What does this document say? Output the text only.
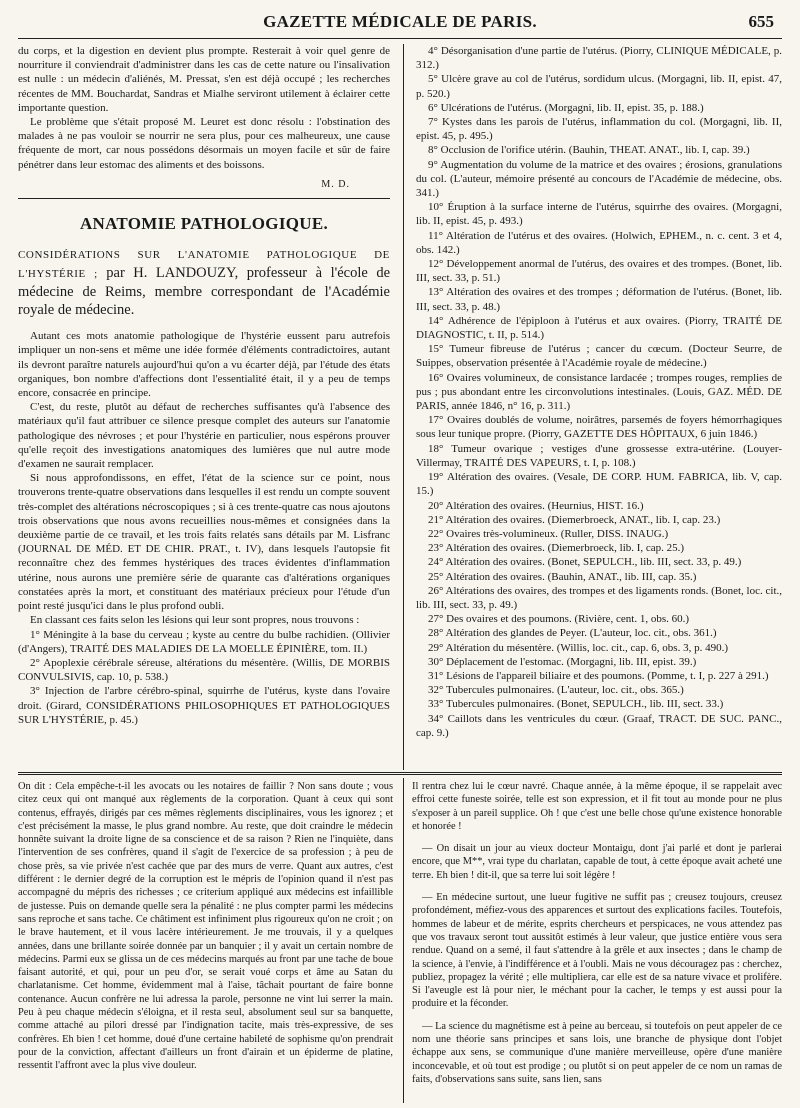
GAZETTE MÉDICALE DE PARIS.	655

du corps, et la digestion en devient plus prompte. Resterait à voir quel genre de nourriture il conviendrait d'administrer dans les cas de cette nature ou l'insalivation est nulle : un médecin d'aliénés, M. Pressat, s'en est déjà occupé ; les recherches récentes de MM. Bouchardat, Sandras et Mialhe serviront utilement à éclairer cette importante question.

Le problème que s'était proposé M. Leuret est donc résolu : l'obstination des malades à ne pas vouloir se nourrir ne sera plus, pour ces malheureux, une cause fréquente de mort, car nous possédons désormais un moyen facile et sûr de faire pénétrer dans leur estomac des aliments et des boissons.

M. D.
ANATOMIE PATHOLOGIQUE.
CONSIDÉRATIONS SUR L'ANATOMIE PATHOLOGIQUE DE L'HYSTÉRIE ; par H. LANDOUZY, professeur à l'école de médecine de Reims, membre correspondant de l'Académie royale de médecine.

Autant ces mots anatomie pathologique de l'hystérie eussent paru autrefois impliquer un non-sens et même une idée formée d'éléments contradictoires, autant ils devront paraître naturels aujourd'hui qu'on a vu écarter déjà, par l'étude des états organiques, bon nombre d'affections dont l'essentialité était, il y a peu de temps encore, consacrée en principe.

C'est, du reste, plutôt au défaut de recherches suffisantes qu'à l'absence des matériaux qu'il faut attribuer ce silence presque complet des auteurs sur l'anatomie pathologique des névroses ; et pour l'hystérie en particulier, nous espérons prouver qu'elle reçoit des investigations anatomiques des lumières que nul autre mode d'examen ne saurait remplacer.

Si nous approfondissons, en effet, l'état de la science sur ce point, nous trouverons trente-quatre observations dans lesquelles il est rendu un compte souvent très-complet des altérations nécroscopiques ; si à ces trente-quatre cas nous ajoutons trois observations que nous avons recueillies nous-mêmes et consignées dans la deuxième partie de ce travail, et les trois faits relatés sans détails par M. Lisfranc (JOURNAL DE MÉD. ET DE CHIR. PRAT., t. IV), dans lesquels l'autopsie fit reconnaître chez des femmes hystériques des traces évidentes d'inflammation utérine, nous aurons une première série de quarante cas d'altérations organiques constatées après la mort, et constituant des matériaux précieux pour l'étude d'un point resté jusqu'ici dans le plus profond oubli.

En classant ces faits selon les lésions qui leur sont propres, nous trouvons :

1° Méningite à la base du cerveau ; kyste au centre du bulbe rachidien. (Ollivier (d'Angers), TRAITÉ DES MALADIES DE LA MOELLE ÉPINIÈRE, tom. II.)
2° Apoplexie cérébrale séreuse, altérations du mésentère. (Willis, DE MORBIS CONVULSIVIS, cap. 10, p. 538.)
3° Injection de l'arbre cérébro-spinal, squirrhe de l'utérus, kyste dans l'ovaire droit. (Girard, CONSIDÉRATIONS PHILOSOPHIQUES ET PATHOLOGIQUES SUR L'HYSTÉRIE, p. 45.)
4° Désorganisation d'une partie de l'utérus. (Piorry, CLINIQUE MÉDICALE, p. 312.)
5° Ulcère grave au col de l'utérus, sordidum ulcus. (Morgagni, lib. II, epist. 47, p. 520.)
6° Ulcérations de l'utérus. (Morgagni, lib. II, epist. 35, p. 188.)
7° Kystes dans les parois de l'utérus, inflammation du col. (Morgagni, lib. II, epist. 45, p. 495.)
8° Occlusion de l'orifice utérin. (Bauhin, THEAT. ANAT., lib. I, cap. 39.)
9° Augmentation du volume de la matrice et des ovaires ; érosions, granulations du col. (L'auteur, mémoire présenté au concours de l'Académie de médecine, obs. 341.)
10° Éruption à la surface interne de l'utérus, squirrhe des ovaires. (Morgagni, lib. II, epist. 45, p. 493.)
11° Altération de l'utérus et des ovaires. (Holwich, EPHEM., n. c. cent. 3 et 4, obs. 142.)
12° Développement anormal de l'utérus, des ovaires et des trompes. (Bonet, lib. III, sect. 33, p. 51.)
13° Altération des ovaires et des trompes ; déformation de l'utérus. (Bonet, lib. III, sect. 33, p. 48.)
14° Adhérence de l'épiploon à l'utérus et aux ovaires. (Piorry, TRAITÉ DE DIAGNOSTIC, t. II, p. 514.)
15° Tumeur fibreuse de l'utérus ; cancer du cœcum. (Docteur Seurre, de Suippes, observation présentée à l'Académie royale de médecine.)
16° Ovaires volumineux, de consistance lardacée ; trompes rouges, remplies de pus ; pus abondant entre les circonvolutions intestinales. (Louis, GAZ. MÉD. DE PARIS, année 1846, n° 16, p. 311.)
17° Ovaires doublés de volume, noirâtres, parsemés de foyers hémorrhagiques sous leur tunique propre. (Piorry, GAZETTE DES HÔPITAUX, 6 juin 1846.)
18° Tumeur ovarique ; vestiges d'une grossesse extra-utérine. (Louyer-Villermay, TRAITÉ DES VAPEURS, t. I, p. 108.)
19° Altération des ovaires. (Vesale, DE CORP. HUM. FABRICA, lib. V, cap. 15.)
20° Altération des ovaires. (Heurnius, HIST. 16.)
21° Altération des ovaires. (Diemerbroeck, ANAT., lib. I, cap. 23.)
22° Ovaires très-volumineux. (Ruller, DISS. INAUG.)
23° Altération des ovaires. (Diemerbroeck, lib. I, cap. 25.)
24° Altération des ovaires. (Bonet, SEPULCH., lib. III, sect. 33, p. 49.)
25° Altération des ovaires. (Bauhin, ANAT., lib. III, cap. 35.)
26° Altérations des ovaires, des trompes et des ligaments ronds. (Bonet, loc. cit., lib. III, sect. 33, p. 49.)
27° Des ovaires et des poumons. (Rivière, cent. 1, obs. 60.)
28° Altération des glandes de Peyer. (L'auteur, loc. cit., obs. 361.)
29° Altération du mésentère. (Willis, loc. cit., cap. 6, obs. 3, p. 490.)
30° Déplacement de l'estomac. (Morgagni, lib. III, epist. 39.)
31° Lésions de l'appareil biliaire et des poumons. (Pomme, t. I, p. 227 à 291.)
32° Tubercules pulmonaires. (L'auteur, loc. cit., obs. 365.)
33° Tubercules pulmonaires. (Bonet, SEPULCH., lib. III, sect. 33.)
34° Caillots dans les ventricules du cœur. (Graaf, TRACT. DE SUC. PANC., cap. 9.)

On dit : Cela empêche-t-il les avocats ou les notaires de faillir ? Non sans doute ; vous citez ceux qui ont manqué aux règlements de la corporation. Quant à ceux qui sont contenus, effrayés, dirigés par ces mêmes règlements disciplinaires, vous les ignorez ; et c'est précisément la masse, le plus grand nombre. Au reste, que doit craindre le médecin honnête suivant la droite ligne de sa conscience et de sa raison ? Rien ne l'inquiète, dans l'intervention de ses confrères, quand il s'agit de l'exercice de sa profession ; à peu de chose près, sa vie privée n'est cachée que par des murs de verre. Quant aux autres, c'est différent : le dernier degré de la corruption est le mépris de l'opinion quand il n'est pas accompagné du mépris des richesses ; ce criterium appliqué aux médecins est infaillible de justesse. Puis on demande quelle sera la pénalité : ne plus compter parmi les médecins sans reproche et sans tache. Ce châtiment est infiniment plus rigoureux qu'on ne croit ; on le brave hautement, et il vous lacère intérieurement. Je me trouvais, il y a quelques années, dans une brillante soirée donnée par un banquier ; il y avait un certain nombre de médecins. Parmi eux se glissa un de ces médecins marqués au front par une tache de boue faisant autorité, et qui, pour un peu d'or, se serait voué corps et âme au Satan du charlatanisme. Cet homme, évidemment mal à l'aise, tâchait pourtant de faire bonne contenance. Aucun confrère ne lui adressa la parole, personne ne vint lui serrer la main. Peu à peu chaque médecin s'éloigna, et il resta seul, absolument seul sur sa banquette, comme attaché au pilori dressé par l'indignation tacite, mais très-expressive, de ses confrères. Eh bien ! cet homme, doué d'une certaine habileté de sophisme qu'on prendrait pour de la conviction, affectant d'ailleurs un front d'airain et un épiderme de platine, ressentit l'affront avec la plus vive douleur.

Il rentra chez lui le cœur navré. Chaque année, à la même époque, il se rappelait avec effroi cette funeste soirée, telle est son expression, et il fit tout au monde pour ne plus s'exposer à un pareil supplice. Oh ! que c'est une belle chose qu'une existence honorable et honorée !

— On disait un jour au vieux docteur Montaigu, dont j'ai parlé et dont je parlerai encore, que M**, vrai type du charlatan, capable de tout, à cette époque avait acheté une terre. Eh bien ! dit-il, que sa terre lui soit légère !

— En médecine surtout, une lueur fugitive ne suffit pas ; creusez toujours, creusez profondément, méfiez-vous des apparences et surtout des explications faciles. Toutefois, hommes de labeur et de mérite, esprits chercheurs et perspicaces, ne vous attendez pas que vos travaux seront tout aussitôt estimés à leur valeur, que justice entière vous sera rendue. Quand on a semé, il faut s'attendre à la grêle et aux insectes ; dans le champ de la science, à l'envie, à l'indifférence et à l'oubli. Mais ne vous découragez pas : cherchez, publiez, propagez la vérité ; elle multipliera, car elle est de sa nature vivace et prolifère. Si l'aveugle est là pour nier, le méchant pour la cacher, le temps y est aussi pour la produire et la féconder.

— La science du magnétisme est à peine au berceau, si toutefois on peut appeler de ce nom une théorie sans principes et sans lois, une branche de physique dont l'objet échappe aux sens, se communique d'une manière merveilleuse, opère d'une manière inconcevable, et où tout est prodige ; ou plutôt si on peut appeler de ce nom un ramas de faits, d'observations sans suite, sans lien, sans
